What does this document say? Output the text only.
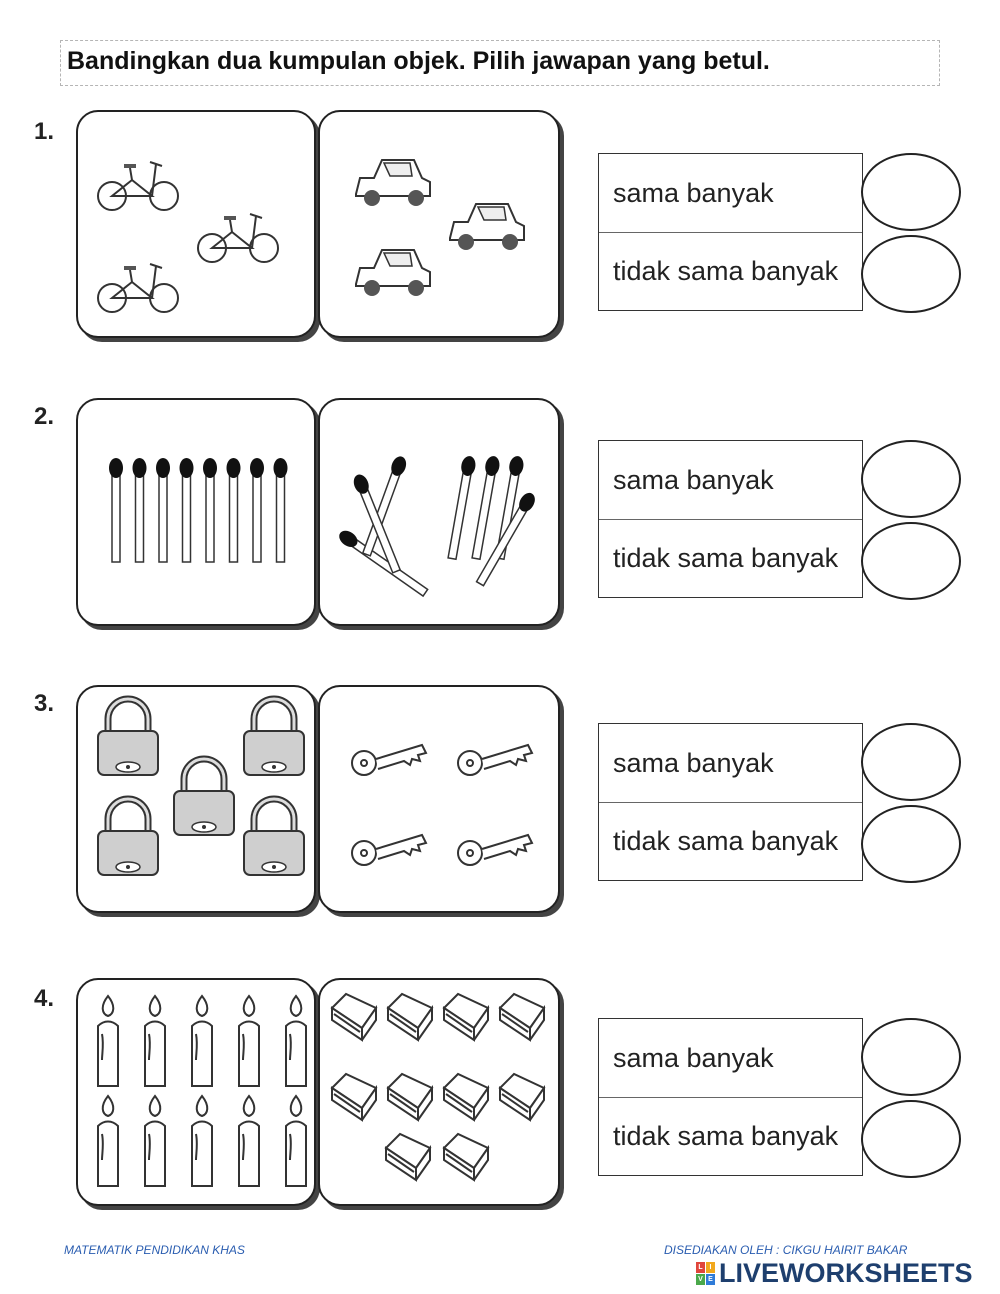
Bandingkan dua kumpulan objek. Pilih jawapan yang betul.
1.
sama banyak
tidak sama banyak
2.
sama banyak
tidak sama banyak
3.
sama banyak
tidak sama banyak
4.
sama banyak
tidak sama banyak
MATEMATIK PENDIDIKAN KHAS	DISEDIAKAN OLEH : CIKGU HAIRIT BAKAR
L I
V E LIVEWORKSHEETS
